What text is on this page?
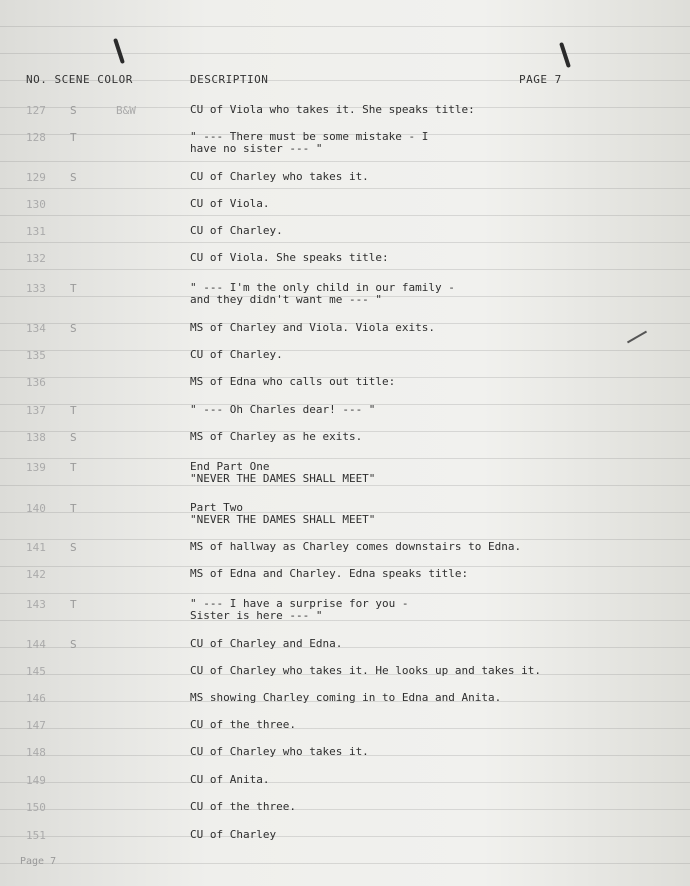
NO. SCENE COLOR	DESCRIPTION	PAGE 7
127 S	B&W	CU of Viola who takes it. She speaks title:
128 T	" --- There must be some mistake - I
have no sister --- "
129 S	CU of Charley who takes it.
130	CU of Viola.
131	CU of Charley.
132	CU of Viola. She speaks title:
133 T	" --- I'm the only child in our family -
and they didn't want me --- "
134 S	MS of Charley and Viola. Viola exits.
135	CU of Charley.
136	MS of Edna who calls out title:
137 T	" --- Oh Charles dear! --- "
138 S	MS of Charley as he exits.
139 T	End Part One
"NEVER THE DAMES SHALL MEET"
140 T	Part Two
"NEVER THE DAMES SHALL MEET"
141 S	MS of hallway as Charley comes downstairs to Edna.
142	MS of Edna and Charley. Edna speaks title:
143 T	" --- I have a surprise for you -
Sister is here --- "
144 S	CU of Charley and Edna.
145	CU of Charley who takes it. He looks up and takes it.
146	MS showing Charley coming in to Edna and Anita.
147	CU of the three.
148	CU of Charley who takes it.
149	CU of Anita.
150	CU of the three.
151	CU of Charley
Page 7
